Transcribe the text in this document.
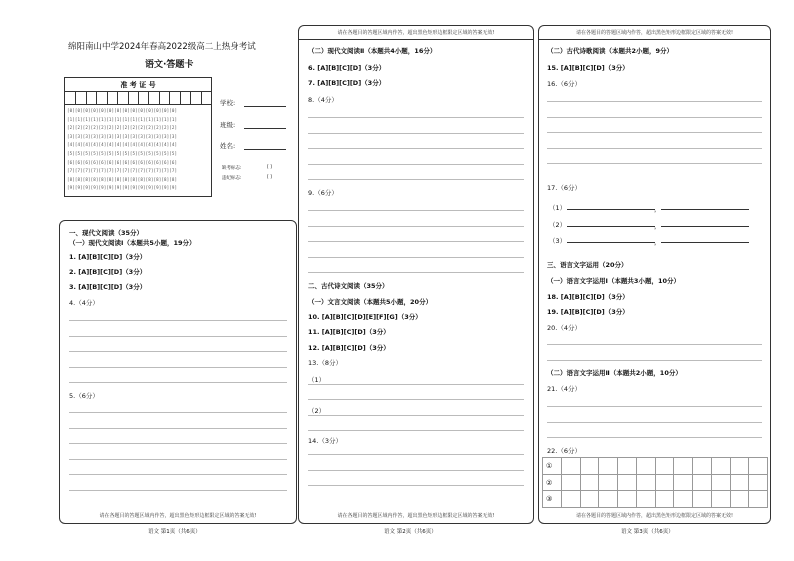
绵阳南山中学2024年春高2022级高二上热身考试
语文·答题卡
准 考 证 号
[0][0][0][0][0][0][0][0][0][0][0][0][0][0]
[1][1][1][1][1][1][1][1][1][1][1][1][1][1]
[2][2][2][2][2][2][2][2][2][2][2][2][2][2]
[3][3][3][3][3][3][3][3][3][3][3][3][3][3]
[4][4][4][4][4][4][4][4][4][4][4][4][4][4]
[5][5][5][5][5][5][5][5][5][5][5][5][5][5]
[6][6][6][6][6][6][6][6][6][6][6][6][6][6]
[7][7][7][7][7][7][7][7][7][7][7][7][7][7]
[8][8][8][8][8][8][8][8][8][8][8][8][8][8]
[9][9][9][9][9][9][9][9][9][9][9][9][9][9]
学校:
班级:
姓名:
缺考标志:	[ ]
违纪标志:	[ ]
一、现代文阅读（35分）
（一）现代文阅读Ⅰ（本题共5小题，19分）
1. [A][B][C][D]（3分）
2. [A][B][C][D]（3分）
3. [A][B][C][D]（3分）
4.（4分）
5.（6分）
请在各题目的答题区域内作答，超出黑色矩形边框限定区域的答案无效!
语文 第1页（共6页）
请在各题目的答题区域内作答，超出黑色矩形边框限定区域的答案无效!
（二）现代文阅读Ⅱ（本题共4小题，16分）
6. [A][B][C][D]（3分）
7. [A][B][C][D]（3分）
8.（4分）
9.（6分）
二、古代诗文阅读（35分）
（一）文言文阅读（本题共5小题，20分）
10. [A][B][C][D][E][F][G]（3分）
11. [A][B][C][D]（3分）
12. [A][B][C][D]（3分）
13.（8分）
（1）
（2）
14.（3分）
请在各题目的答题区域内作答，超出黑色矩形边框限定区域的答案无效!
语文 第2页（共6页）
请在各题目的答题区域内作答，超出黑色矩形边框限定区域的答案无效!
（二）古代诗歌阅读（本题共2小题，9分）
15. [A][B][C][D]（3分）
16.（6分）
17.（6分）
（1）
（2）
（3）
，
，
，
三、语言文字运用（20分）
（一）语言文字运用Ⅰ（本题共3小题，10分）
18. [A][B][C][D]（3分）
19. [A][B][C][D]（3分）
20.（4分）
（二）语言文字运用Ⅱ（本题共2小题，10分）
21.（4分）
22.（6分）
①
②
③
请在各题目的答题区域内作答，超出黑色矩形边框限定区域的答案无效!
语文 第3页（共6页）
